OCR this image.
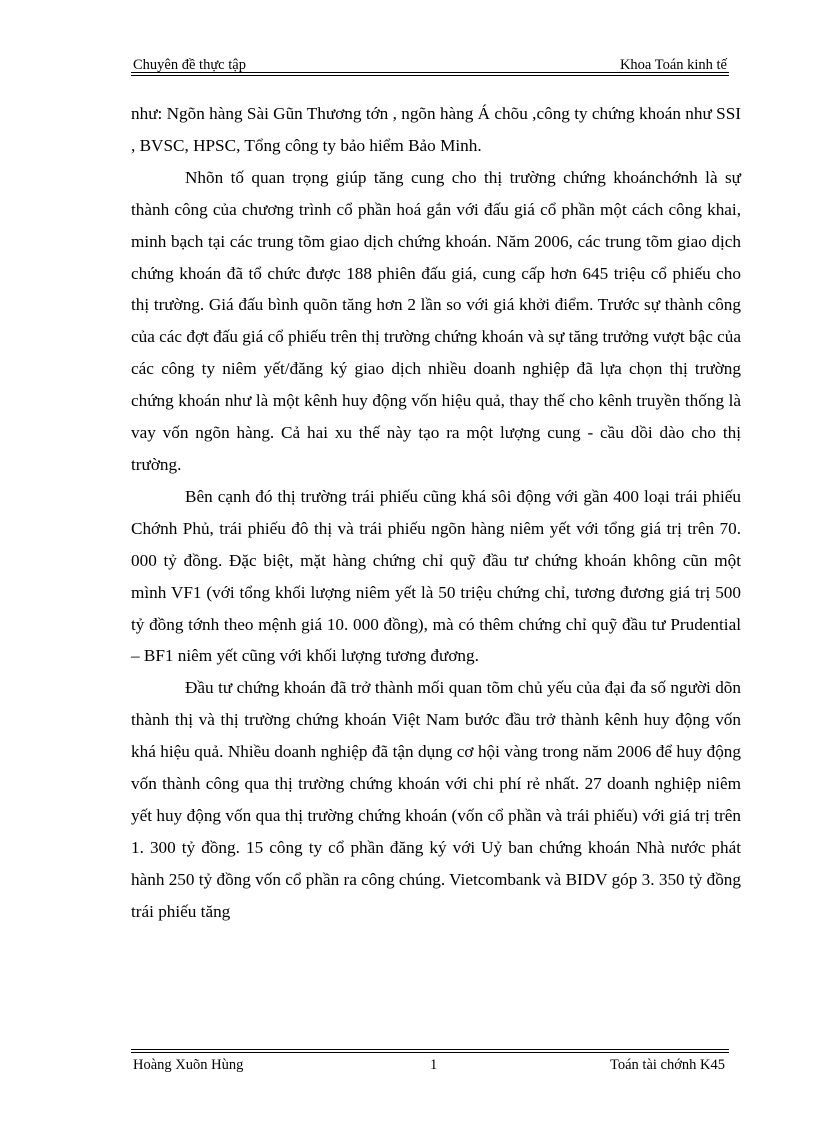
Chuyên đề thực tập	Khoa Toán kinh tế

như: Ngõn hàng Sài Gũn Thương tớn , ngõn hàng Á chõu ,công ty chứng khoán như SSI , BVSC, HPSC, Tổng công ty bảo hiểm Bảo Minh.

Nhõn tố quan trọng giúp tăng cung cho thị trường chứng khoánchớnh là sự thành công của chương trình cổ phần hoá gắn với đấu giá cổ phần một cách công khai, minh bạch tại các trung tõm giao dịch chứng khoán. Năm 2006, các trung tõm giao dịch chứng khoán đã tổ chức được 188 phiên đấu giá, cung cấp hơn 645 triệu cổ phiếu cho thị trường. Giá đấu bình quõn tăng hơn 2 lần so với giá khởi điểm. Trước sự thành công của các đợt đấu giá cổ phiếu trên thị trường chứng khoán và sự tăng trưởng vượt bậc của các công ty niêm yết/đăng ký giao dịch nhiều doanh nghiệp đã lựa chọn thị trường chứng khoán như là một kênh huy động vốn hiệu quả, thay thế cho kênh truyền thống là vay vốn ngõn hàng. Cả hai xu thế này tạo ra một lượng cung - cầu dồi dào cho thị trường.

Bên cạnh đó thị trường trái phiếu cũng khá sôi động với gần 400 loại trái phiếu Chớnh Phủ, trái phiếu đô thị và trái phiếu ngõn hàng niêm yết với tổng giá trị trên 70. 000 tỷ đồng. Đặc biệt, mặt hàng chứng chỉ quỹ đầu tư chứng khoán không cũn một mình VF1 (với tổng khối lượng niêm yết là 50 triệu chứng chỉ, tương đương giá trị 500 tỷ đồng tớnh theo mệnh giá 10. 000 đồng), mà có thêm chứng chỉ quỹ đầu tư Prudential – BF1 niêm yết cũng với khối lượng tương đương.

Đầu tư chứng khoán đã trở thành mối quan tõm chủ yếu của đại đa số người dõn thành thị và thị trường chứng khoán Việt Nam bước đầu trở thành kênh huy động vốn khá hiệu quả. Nhiều doanh nghiệp đã tận dụng cơ hội vàng trong năm 2006 để huy động vốn thành công qua thị trường chứng khoán với chi phí rẻ nhất. 27 doanh nghiệp niêm yết huy động vốn qua thị trường chứng khoán (vốn cổ phần và trái phiếu) với giá trị trên 1. 300 tỷ đồng. 15 công ty cổ phần đăng ký với Uỷ ban chứng khoán Nhà nước phát hành 250 tỷ đồng vốn cổ phần ra công chúng. Vietcombank và BIDV góp 3. 350 tỷ đồng trái phiếu tăng

Hoàng Xuõn Hùng	1	Toán tài chớnh K45
